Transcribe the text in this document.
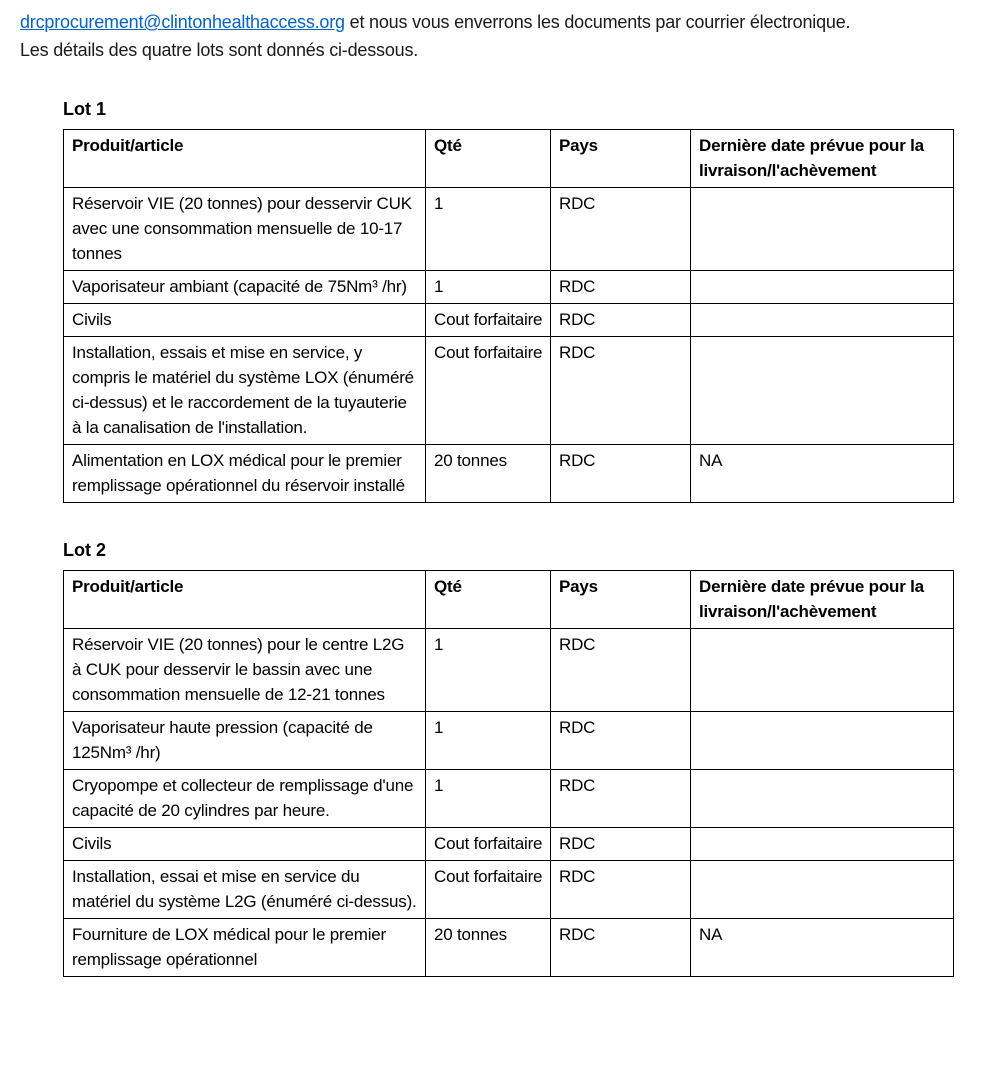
drcprocurement@clintonhealthaccess.org et nous vous enverrons les documents par courrier électronique.
Les détails des quatre lots sont donnés ci-dessous.
Lot 1
Produit/article	Qté	Pays	Dernière date prévue pour la livraison/l'achèvement
Réservoir VIE (20 tonnes) pour desservir CUK avec une consommation mensuelle de 10-17 tonnes	1	RDC	
Vaporisateur ambiant (capacité de 75Nm³ /hr)	1	RDC	
Civils	Cout forfaitaire	RDC	
Installation, essais et mise en service, y compris le matériel du système LOX (énuméré ci-dessus) et le raccordement de la tuyauterie à la canalisation de l'installation.	Cout forfaitaire	RDC	
Alimentation en LOX médical pour le premier remplissage opérationnel du réservoir installé	20 tonnes	RDC	NA
Lot 2
Produit/article	Qté	Pays	Dernière date prévue pour la livraison/l'achèvement
Réservoir VIE (20 tonnes) pour le centre L2G à CUK pour desservir le bassin avec une consommation mensuelle de 12-21 tonnes	1	RDC	
Vaporisateur haute pression (capacité de 125Nm³ /hr)	1	RDC	
Cryopompe et collecteur de remplissage d'une capacité de 20 cylindres par heure.	1	RDC	
Civils	Cout forfaitaire	RDC	
Installation, essai et mise en service du matériel du système L2G (énuméré ci-dessus).	Cout forfaitaire	RDC	
Fourniture de LOX médical pour le premier remplissage opérationnel	20 tonnes	RDC	NA
